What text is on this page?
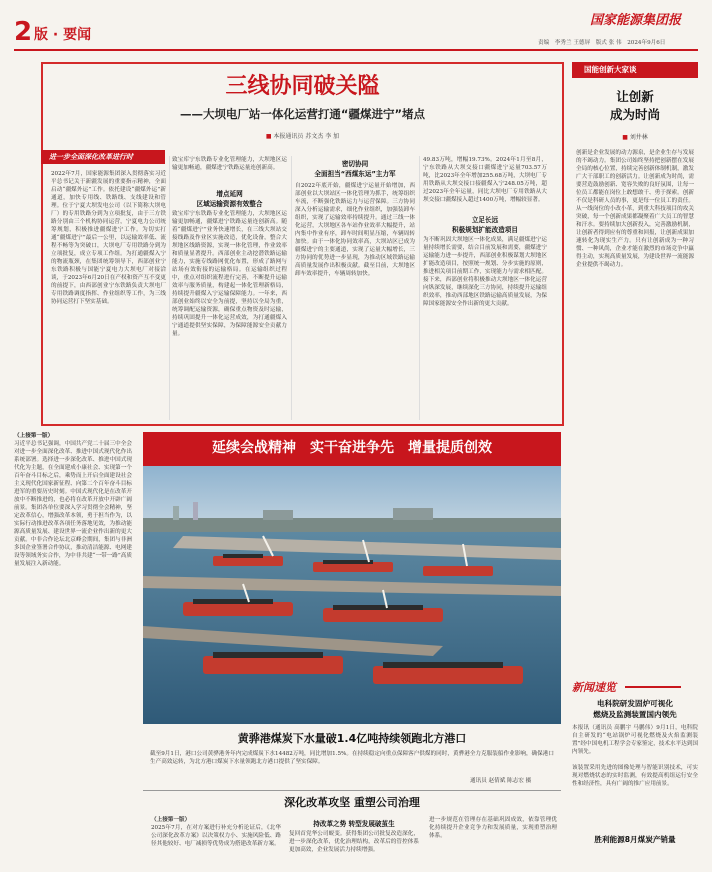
2 版 · 要闻
国家能源集团报
责编　李秀兰 王德屏　版式 张 伟　2024年9月6日
三线协同破关隘
——大坝电厂站一体化运营打通“疆煤进宁”堵点
■ 本报通讯员 苏文杰 李 加
进一步全面深化改革进行时
2022年7月，国家能源集团深入贯彻落实习近平总书记关于新疆发展的重要指示精神，全面启动“疆煤外运”工作。依托建设“疆煤外运”新通道，加快专用线、铁路线、支线建设和管理。位于宁夏大坝发电公司（以下简称大坝电厂）的专用铁路分到为立项批复，由于三方铁路分别由三个机构协同运营，宁夏电力公司统筹规划，积极推进疆煤进宁工作。为切实打通“疆煤进宁”最后一公里，以运输效率低、流程不畅等为突破口，大坝电厂专用铁路分到为立项批复，成立专项工作组。为打通疆煤入宁的物流瓶颈，在集团统筹领导下，西部创业宁东铁路积极与国能宁夏电力大坝电厂对接洽谈，于2023年6月20日在产权和资产互不变更的前提下，由西部创业宁东铁路负责大坝电厂专用铁路调度指挥、作业组织等工作，为三线协同运营打下坚实基础。
致宝库宁东铁路专业化管理能力，大坝地区运输更加畅通，疆煤进宁铁路运量连创新高。
增点延网
区域运输资源有效整合
致宝库宁东铁路专业化管理能力，大坝地区运输更加畅通，疆煤进宁铁路运量连创新高。随着“疆煤进宁”业务快速增长，在三线大坝站交接线路及作业区实施改造，优化设备，整合大坝地区线路资源，实现一体化管理，作业效率和质量显著提升。西部创业主动挖潜铁路运输能力，实施专线路网优化布置，形成了路网与站场有效衔接的运输格局。在运输组织过程中，重点对组织流程进行完善，不断提升运输效率与服务质量，构建起一体化管理新格局，持续提升疆煤入宁运输保障能力。一年来，西部创业始终以安全为前提，坚持以全局为重，统筹调配运输资源，确保重点物资及时运输，持续巩固提升一体化运营成效，为打通疆煤入宁通道提供坚实保障，为保障能源安全贡献力量。
密切协同
全面担当“西煤东运”主力军
自2022年底开始，疆煤进宁运量开始增加，西部创业以大坝站区一体化管理为抓手，统筹组织车流，不断强化铁路运力与运营保障。三方协同深入分析运输需求，细化作业组织，加强装卸车组织，实现了运输效率持续提升。通过三线一体化运营，大坝地区各车站作业效率大幅提升，站内集中作业有序，卸车时间明显压缩，车辆周转加快。由于一体化协同效率高，大坝站区已成为疆煤进宁的主要通道，实现了运量大幅增长，三方协同的优势进一步显现，为推动区域铁路运输高质量发展作出积极贡献。截至目前，大坝地区卸车效率提升，车辆周转加快。
49.83万吨，增幅19.73%。2024年1月至8月，宁东铁路从大坝交接口疆煤进宁运量703.57万吨，比2023年全年增加255.68万吨，大坝电厂专用铁路从大坝交接口接疆煤入宁248.05万吨，超过2023年全年运量，同比大坝电厂专用铁路从大坝交接口疆煤接入超过1400万吨，增幅较显著。
立足长远
积极规划扩能改造项目
为不断巩固大坝地区一体化成果，满足疆煤进宁运量持续增长需要，结合目前发展和需要，疆煤进宁运输能力进一步提升，西部创业积极谋划大坝地区扩能改造项目，按照统一规划、分步实施的原则，推进相关项目前期工作，实现能力与需求相匹配。接下来，西部创业将积极推动大坝地区一体化运营向纵深发展，继续深化三方协同，持续提升运输组织效率，推动西部地区铁路运输高质量发展，为保障国家能源安全作出新的更大贡献。
（上接第一版）
习近平总书记强调，中国共产党二十届三中全会对进一步全面深化改革、推进中国式现代化作出系统部署。选择进一步深化改革、推进中国式现代化为主题，在全面建成小康社会、实现第一个百年奋斗目标之后，乘势而上开启全面建设社会主义现代化国家新征程、向第二个百年奋斗目标进军的重要历史时刻。中国式现代化是在改革开放中不断推进的，也必将在改革开放中开辟广阔前景。集团各单位要深入学习贯彻全会精神，坚定改革信心，增强改革本领，勇于担当作为，以实际行动推进改革各项任务落地见效，为推动能源高质量发展、建设世界一流企业作出新的更大贡献。中非合作论坛北京峰会期间，集团与非洲多国企业签署合作协议，推动清洁能源、电网建设等领域务实合作，为中非共建“一带一路”高质量发展注入新动能。
延续会战精神　实干奋进争先　增量提质创效
黄骅港煤炭下水量破1.4亿吨持续领跑北方港口
截至9月1日，港口公司黄骅港务年内完成煤炭下水14482万吨，同比增加1.5%。在持续稳定向重点保障客户供煤的同时，黄骅港全力克服装船作业影响，确保港口生产高效运转，为北方港口煤炭下水量领跑北方港口提供了坚实保障。
通讯员 赵倩斌 陈志宏 摄
深化改革攻坚 重塑公司治理
（上接第一版）
2025年7月，在对方案进行补充分析论证后，《北华公司深化改革方案》以决策权力小、实施风险低、路径其他较好、电厂减损等优势成为搭建改革新方案。
持改革之势 转型发展破茧生
复回首党华公司蜕变。获得集团公司批复改造深化，进一步深化改革，优化治理结构，改革后的管控体系更加高效，企业发展活力持续增强。
进一步规范在管理存在基础巩固成效，依靠管理优化持续提升企业竞争力和发展质量，实现重塑治理体系。
国能创新大家谈
让创新
成为时尚
■ 刘井林
创新是企业发展的动力源泉，是企业生存与发展的不竭动力。集团公司始终坚持把创新摆在发展全局的核心位置，持续完善创新体制机制，激发广大干部职工的创新活力。让创新成为时尚，需要营造鼓励创新、宽容失败的良好氛围，让每一位员工都能在岗位上敢想敢干、勇于探索。创新不仅是科研人员的事，更是每一位员工的责任。从一线岗位的小改小革，到重大科技项目的攻关突破，每一个创新成果都凝聚着广大员工的智慧和汗水。要持续加大创新投入，完善激励机制，让创新者得到应有的尊重和回报，让创新成果加速转化为现实生产力。只有让创新成为一种习惯、一种风尚，企业才能在激烈的市场竞争中赢得主动，实现高质量发展，为建设世界一流能源企业提供不竭动力。
新闻速览
电科院研发固炉可视化
燃烧及监测装置国内领先
本报讯（通讯员 高鹏宇 马鹏伟）9月1日，电科院自主研发的“电站锅炉可视化燃烧及火焰监测装置”经中国电机工程学会专家鉴定，技术水平达到国内领先。
该装置采用先进的图像处理与智能识别技术，可实现对燃烧状态的实时监测，有效提高机组运行安全性和经济性，具有广阔的推广应用前景。
胜利能源8月煤炭产销量
